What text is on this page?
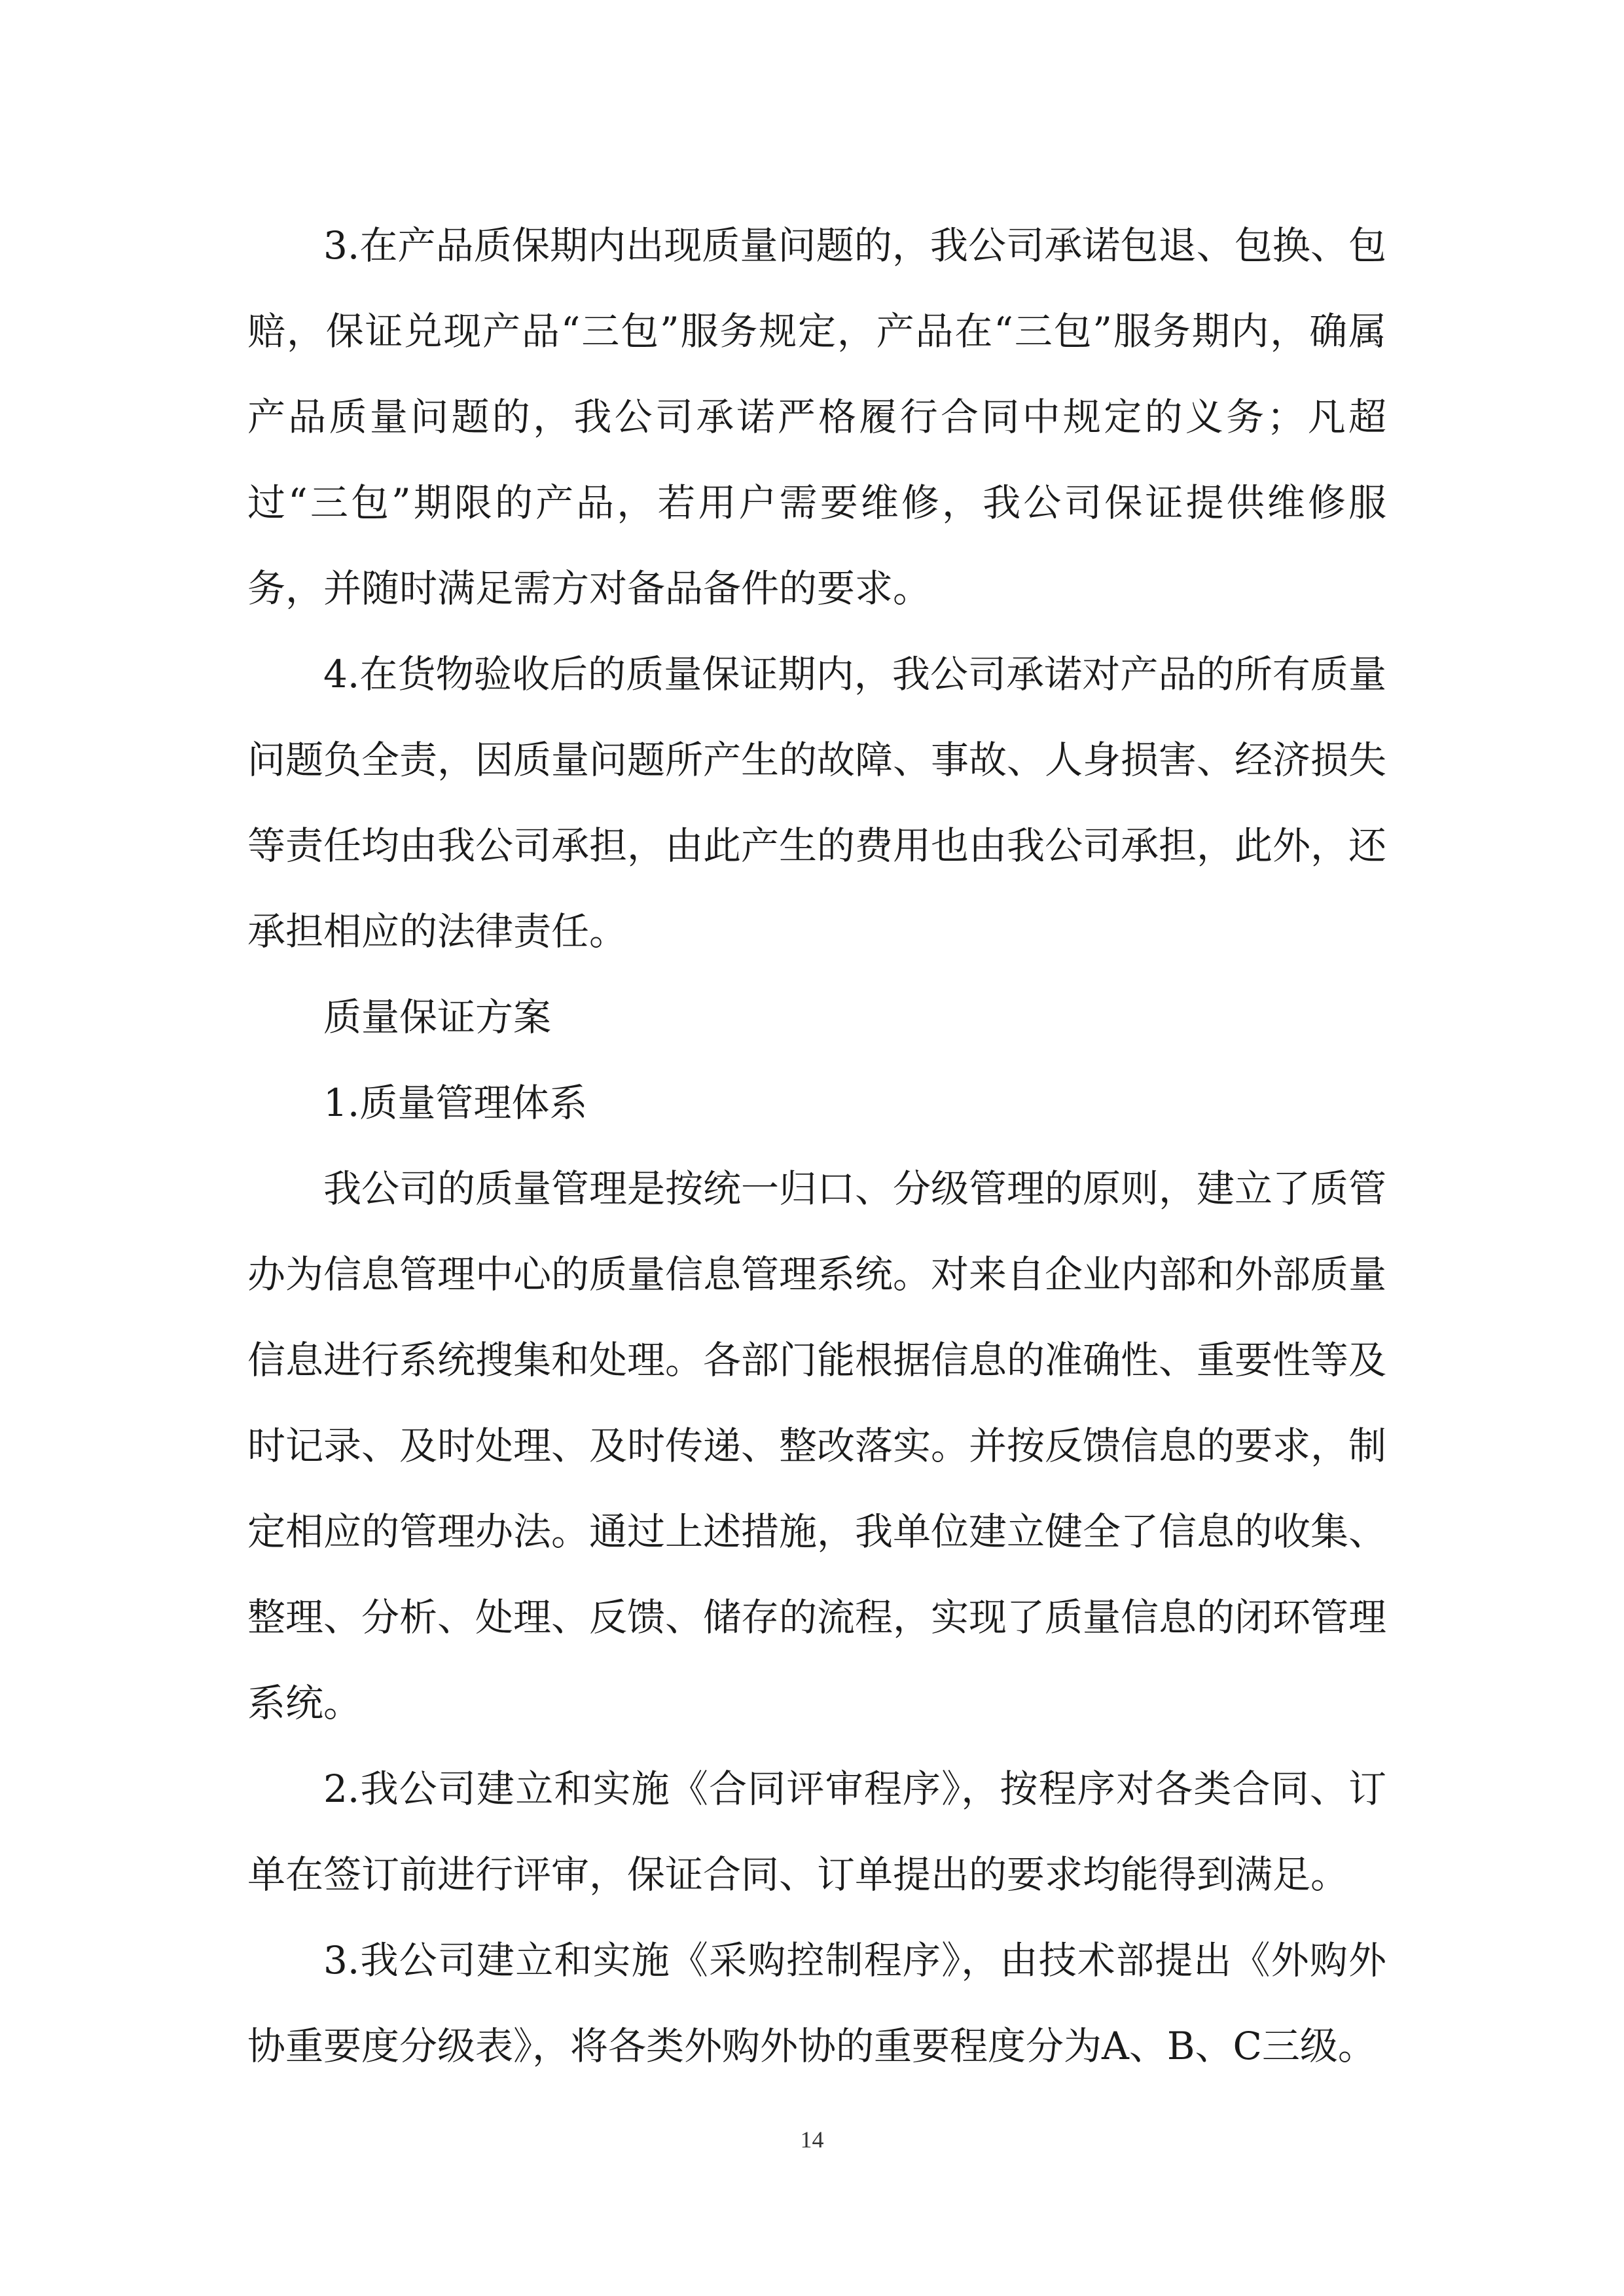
3.在产品质保期内出现质量问题的，我公司承诺包退、包换、包赔，保证兑现产品“三包”服务规定，产品在“三包”服务期内，确属产品质量问题的，我公司承诺严格履行合同中规定的义务；凡超过“三包”期限的产品，若用户需要维修，我公司保证提供维修服务，并随时满足需方对备品备件的要求。

4.在货物验收后的质量保证期内，我公司承诺对产品的所有质量问题负全责，因质量问题所产生的故障、事故、人身损害、经济损失等责任均由我公司承担，由此产生的费用也由我公司承担，此外，还承担相应的法律责任。

质量保证方案

1.质量管理体系

我公司的质量管理是按统一归口、分级管理的原则，建立了质管办为信息管理中心的质量信息管理系统。对来自企业内部和外部质量信息进行系统搜集和处理。各部门能根据信息的准确性、重要性等及时记录、及时处理、及时传递、整改落实。并按反馈信息的要求，制定相应的管理办法。通过上述措施，我单位建立健全了信息的收集、整理、分析、处理、反馈、储存的流程，实现了质量信息的闭环管理系统。

2.我公司建立和实施《合同评审程序》，按程序对各类合同、订单在签订前进行评审，保证合同、订单提出的要求均能得到满足。

3.我公司建立和实施《采购控制程序》，由技术部提出《外购外协重要度分级表》，将各类外购外协的重要程度分为A、B、C三级。

14
